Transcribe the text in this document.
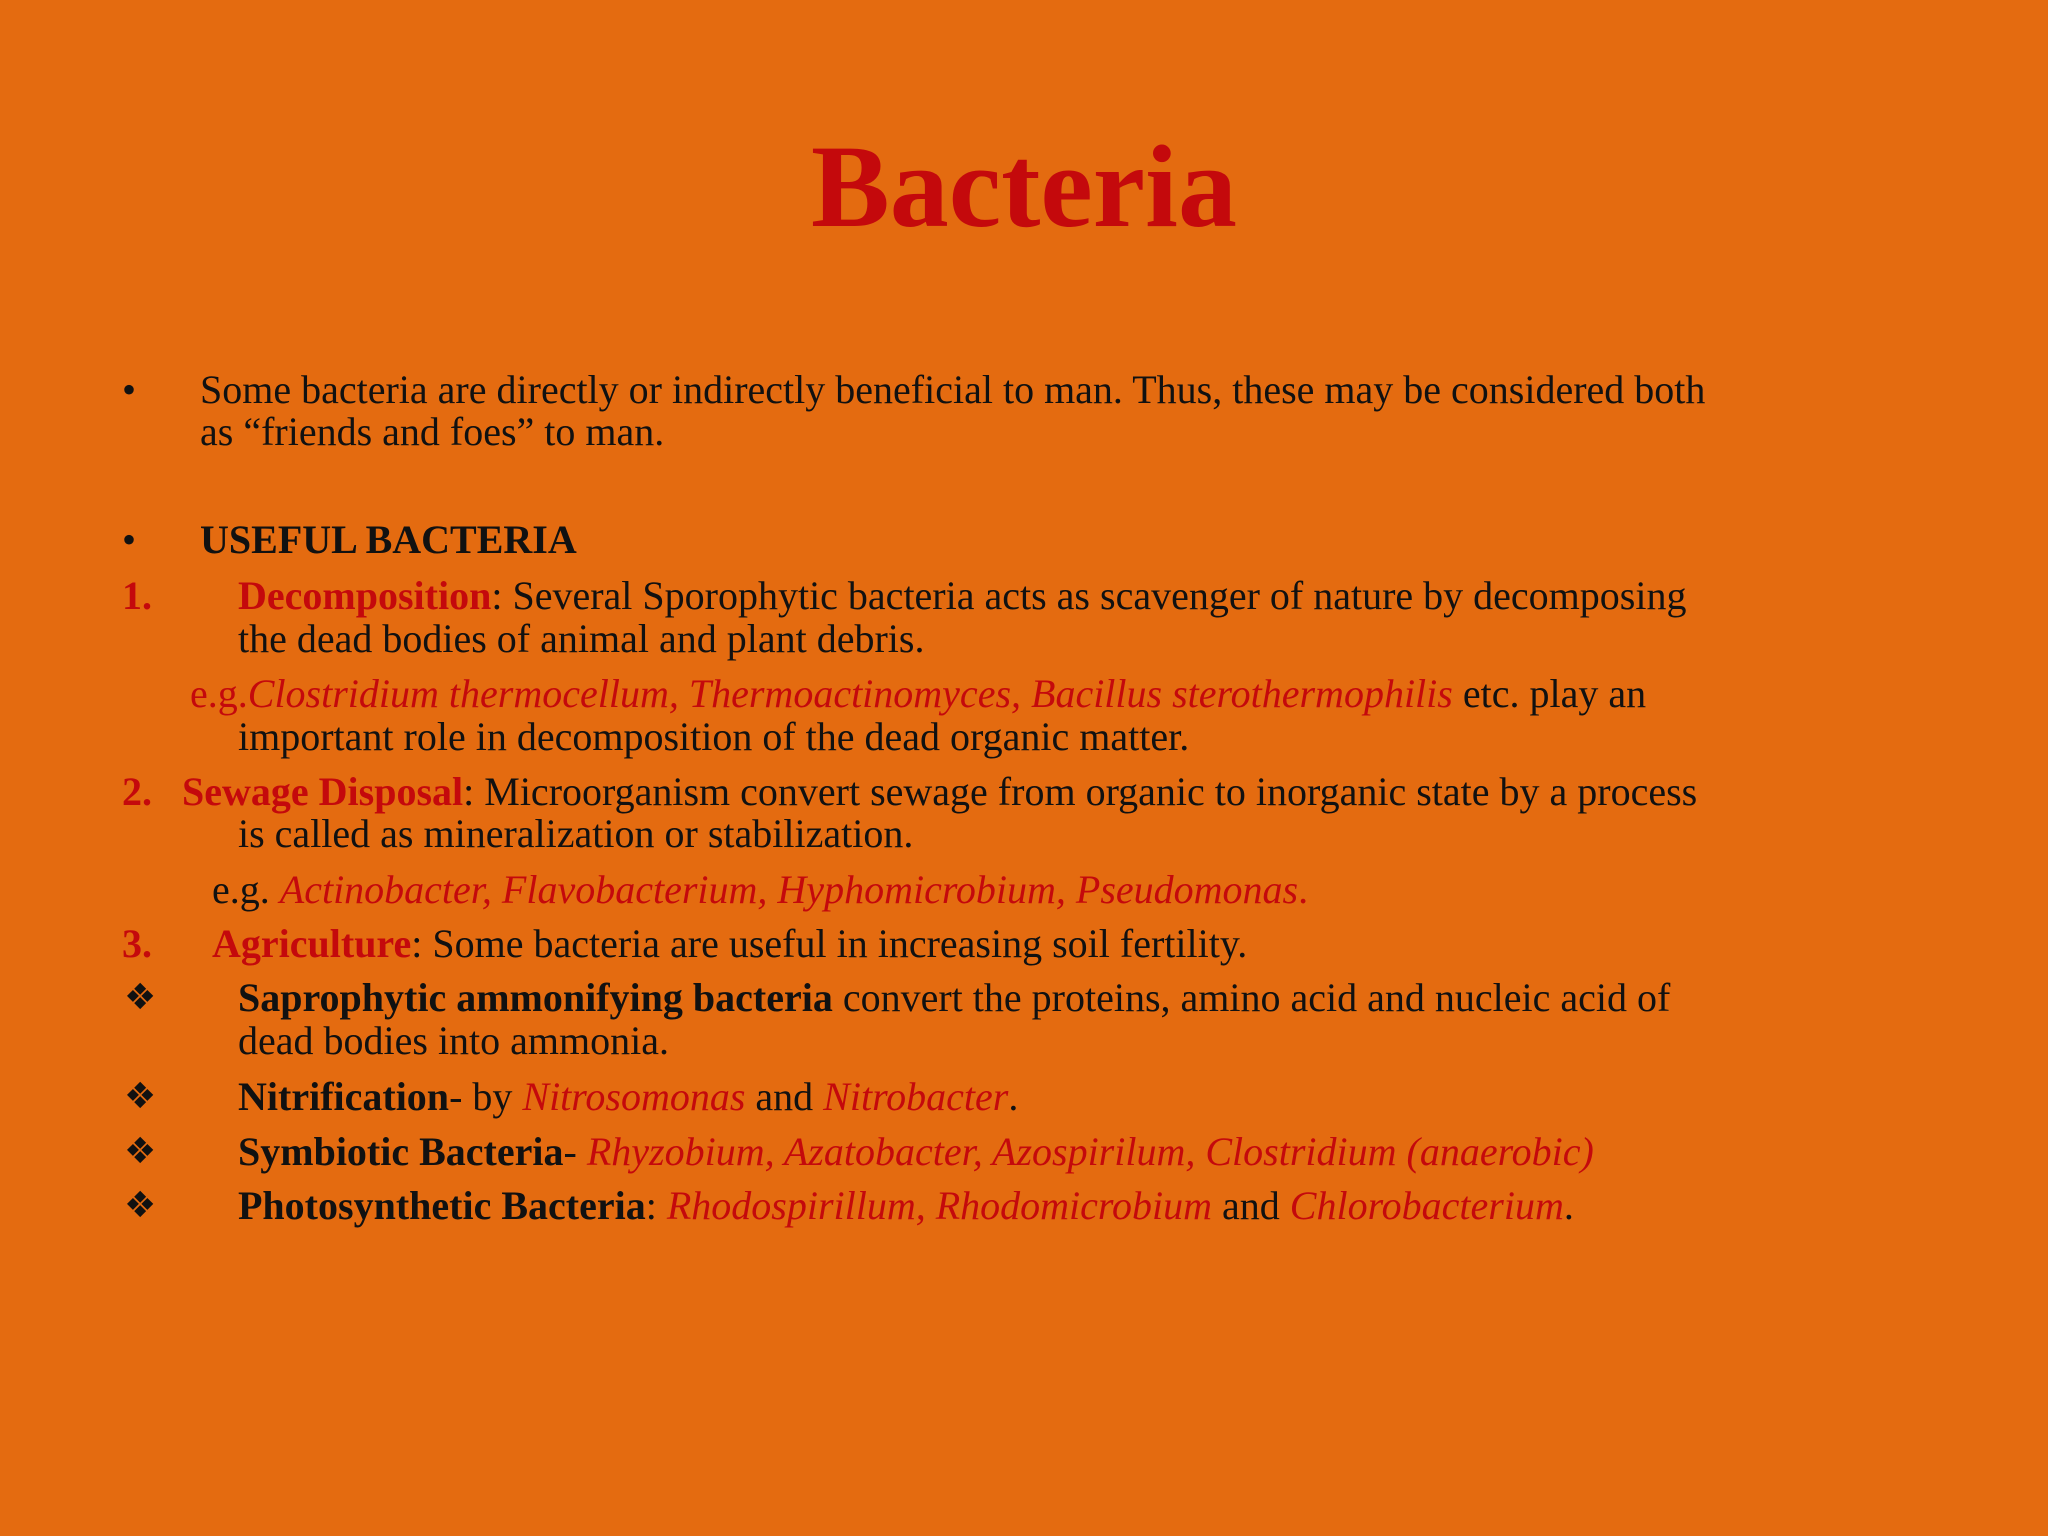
Bacteria
• Some bacteria are directly or indirectly beneficial to man. Thus, these may be considered both
as “friends and foes” to man.
• USEFUL BACTERIA
1. Decomposition: Several Sporophytic bacteria acts as scavenger of nature by decomposing
the dead bodies of animal and plant debris.
e.g.Clostridium thermocellum, Thermoactinomyces, Bacillus sterothermophilis etc. play an
important role in decomposition of the dead organic matter.
2. Sewage Disposal: Microorganism convert sewage from organic to inorganic state by a process
is called as mineralization or stabilization.
e.g. Actinobacter, Flavobacterium, Hyphomicrobium, Pseudomonas.
3. Agriculture: Some bacteria are useful in increasing soil fertility.
❖ Saprophytic ammonifying bacteria convert the proteins, amino acid and nucleic acid of
dead bodies into ammonia.
❖ Nitrification- by Nitrosomonas and Nitrobacter.
❖ Symbiotic Bacteria- Rhyzobium, Azatobacter, Azospirilum, Clostridium (anaerobic)
❖ Photosynthetic Bacteria: Rhodospirillum, Rhodomicrobium and Chlorobacterium.
